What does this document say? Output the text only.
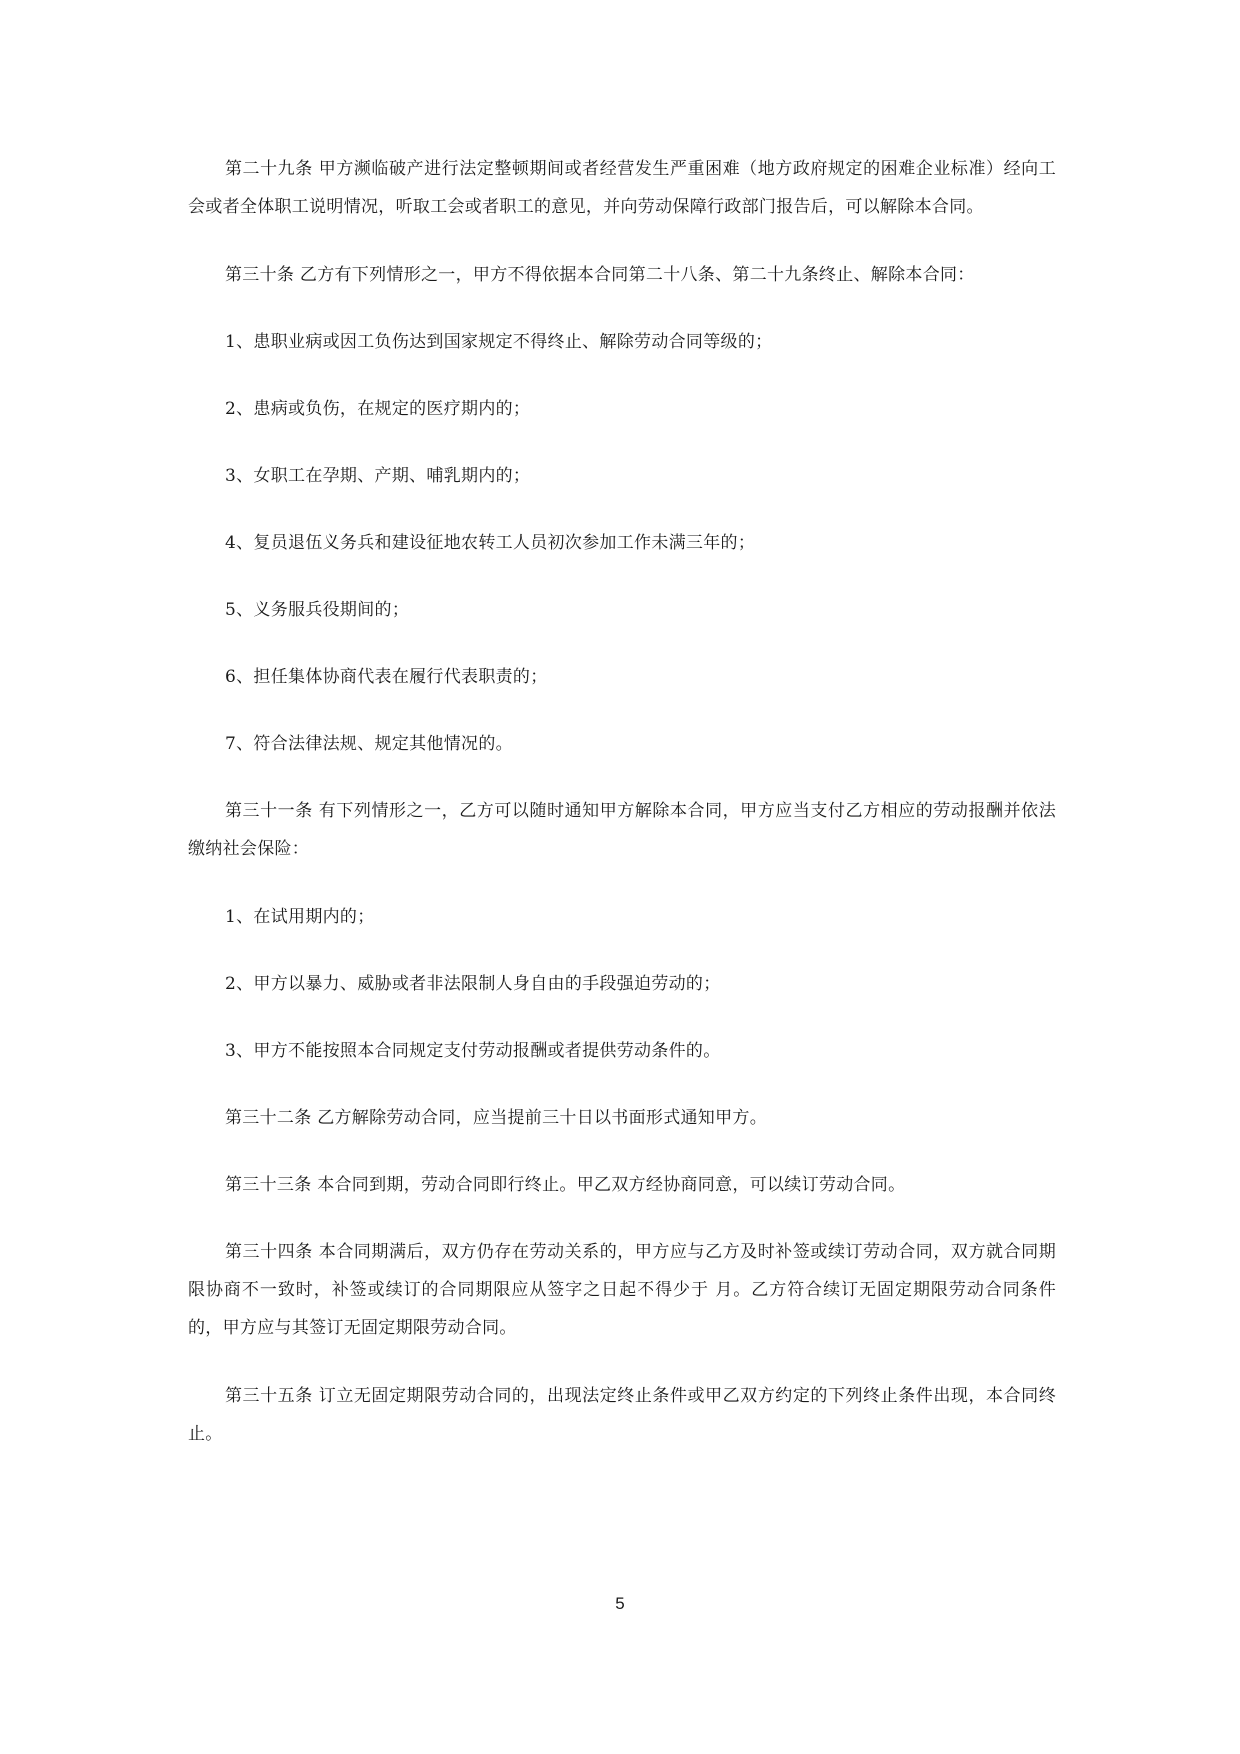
第二十九条 甲方濒临破产进行法定整顿期间或者经营发生严重困难（地方政府规定的困难企业标准）经向工会或者全体职工说明情况，听取工会或者职工的意见，并向劳动保障行政部门报告后，可以解除本合同。

第三十条 乙方有下列情形之一，甲方不得依据本合同第二十八条、第二十九条终止、解除本合同：

1、患职业病或因工负伤达到国家规定不得终止、解除劳动合同等级的；

2、患病或负伤，在规定的医疗期内的；

3、女职工在孕期、产期、哺乳期内的；

4、复员退伍义务兵和建设征地农转工人员初次参加工作未满三年的；

5、义务服兵役期间的；

6、担任集体协商代表在履行代表职责的；

7、符合法律法规、规定其他情况的。

第三十一条 有下列情形之一，乙方可以随时通知甲方解除本合同，甲方应当支付乙方相应的劳动报酬并依法缴纳社会保险：

1、在试用期内的；

2、甲方以暴力、威胁或者非法限制人身自由的手段强迫劳动的；

3、甲方不能按照本合同规定支付劳动报酬或者提供劳动条件的。

第三十二条 乙方解除劳动合同，应当提前三十日以书面形式通知甲方。

第三十三条 本合同到期，劳动合同即行终止。甲乙双方经协商同意，可以续订劳动合同。

第三十四条 本合同期满后，双方仍存在劳动关系的，甲方应与乙方及时补签或续订劳动合同，双方就合同期限协商不一致时，补签或续订的合同期限应从签字之日起不得少于 月。乙方符合续订无固定期限劳动合同条件的，甲方应与其签订无固定期限劳动合同。

第三十五条 订立无固定期限劳动合同的，出现法定终止条件或甲乙双方约定的下列终止条件出现，本合同终止。

5
